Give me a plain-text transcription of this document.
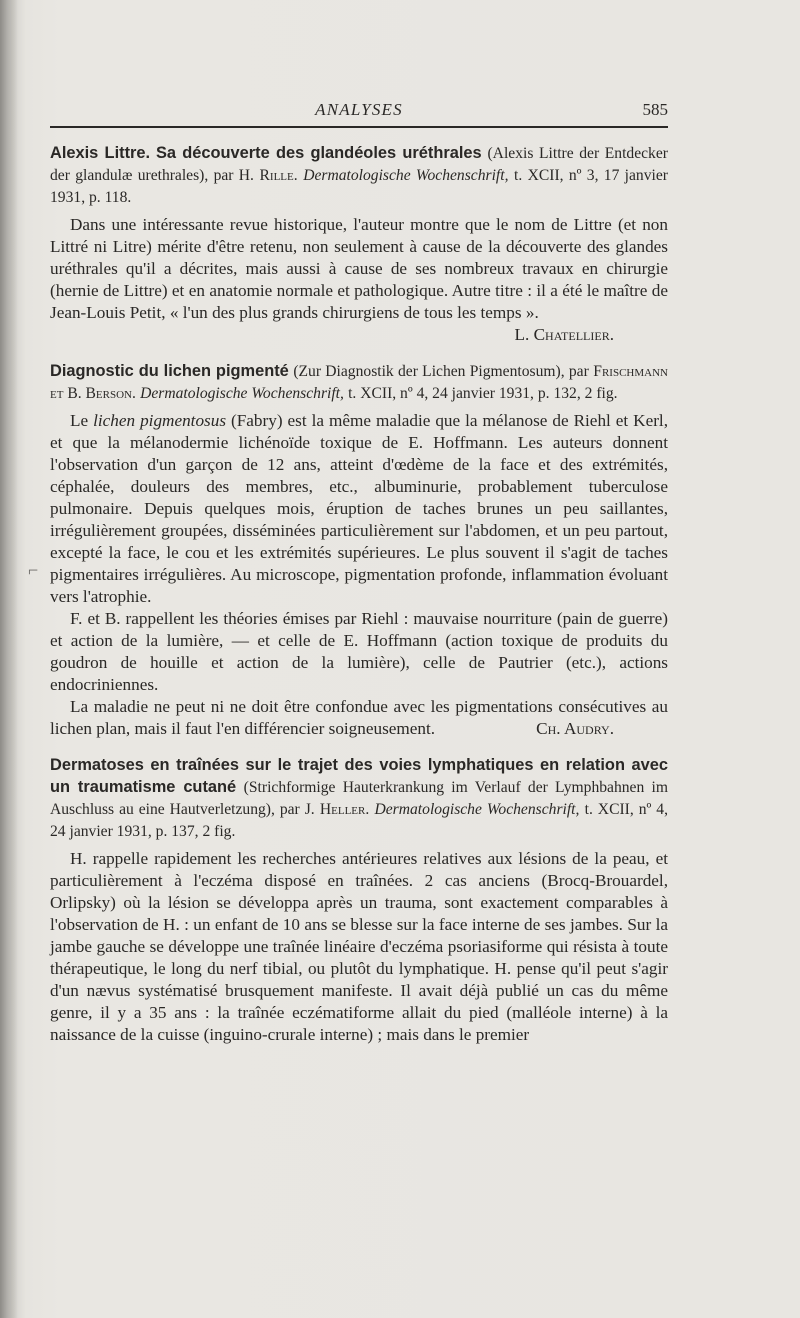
⌐
ANALYSES	585

Alexis Littre. Sa découverte des glandéoles uréthrales (Alexis Littre der Entdecker der glandulæ urethrales), par H. Rille. Dermatologische Wochenschrift, t. XCII, nº 3, 17 janvier 1931, p. 118.

Dans une intéressante revue historique, l'auteur montre que le nom de Littre (et non Littré ni Litre) mérite d'être retenu, non seulement à cause de la découverte des glandes uréthrales qu'il a décrites, mais aussi à cause de ses nombreux travaux en chirurgie (hernie de Littre) et en anatomie normale et pathologique. Autre titre : il a été le maître de Jean-Louis Petit, « l'un des plus grands chirurgiens de tous les temps ».

L. Chatellier.

Diagnostic du lichen pigmenté (Zur Diagnostik der Lichen Pigmentosum), par Frischmann et B. Berson. Dermatologische Wochenschrift, t. XCII, nº 4, 24 janvier 1931, p. 132, 2 fig.

Le lichen pigmentosus (Fabry) est la même maladie que la mélanose de Riehl et Kerl, et que la mélanodermie lichénoïde toxique de E. Hoffmann. Les auteurs donnent l'observation d'un garçon de 12 ans, atteint d'œdème de la face et des extrémités, céphalée, douleurs des membres, etc., albuminurie, probablement tuberculose pulmonaire. Depuis quelques mois, éruption de taches brunes un peu saillantes, irrégulièrement groupées, disséminées particulièrement sur l'abdomen, et un peu partout, excepté la face, le cou et les extrémités supérieures. Le plus souvent il s'agit de taches pigmentaires irrégulières. Au microscope, pigmentation profonde, inflammation évoluant vers l'atrophie.

F. et B. rappellent les théories émises par Riehl : mauvaise nourriture (pain de guerre) et action de la lumière, — et celle de E. Hoffmann (action toxique de produits du goudron de houille et action de la lumière), celle de Pautrier (etc.), actions endocriniennes.

La maladie ne peut ni ne doit être confondue avec les pigmentations consécutives au lichen plan, mais il faut l'en différencier soigneusement.	Ch. Audry.

Dermatoses en traînées sur le trajet des voies lymphatiques en relation avec un traumatisme cutané (Strichformige Hauterkrankung im Verlauf der Lymphbahnen im Auschluss au eine Hautverletzung), par J. Heller. Dermatologische Wochenschrift, t. XCII, nº 4, 24 janvier 1931, p. 137, 2 fig.

H. rappelle rapidement les recherches antérieures relatives aux lésions de la peau, et particulièrement à l'eczéma disposé en traînées. 2 cas anciens (Brocq-Brouardel, Orlipsky) où la lésion se développa après un trauma, sont exactement comparables à l'observation de H. : un enfant de 10 ans se blesse sur la face interne de ses jambes. Sur la jambe gauche se développe une traînée linéaire d'eczéma psoriasiforme qui résista à toute thérapeutique, le long du nerf tibial, ou plutôt du lymphatique. H. pense qu'il peut s'agir d'un nævus systématisé brusquement manifeste. Il avait déjà publié un cas du même genre, il y a 35 ans : la traînée eczématiforme allait du pied (malléole interne) à la naissance de la cuisse (inguino-crurale interne) ; mais dans le premier
